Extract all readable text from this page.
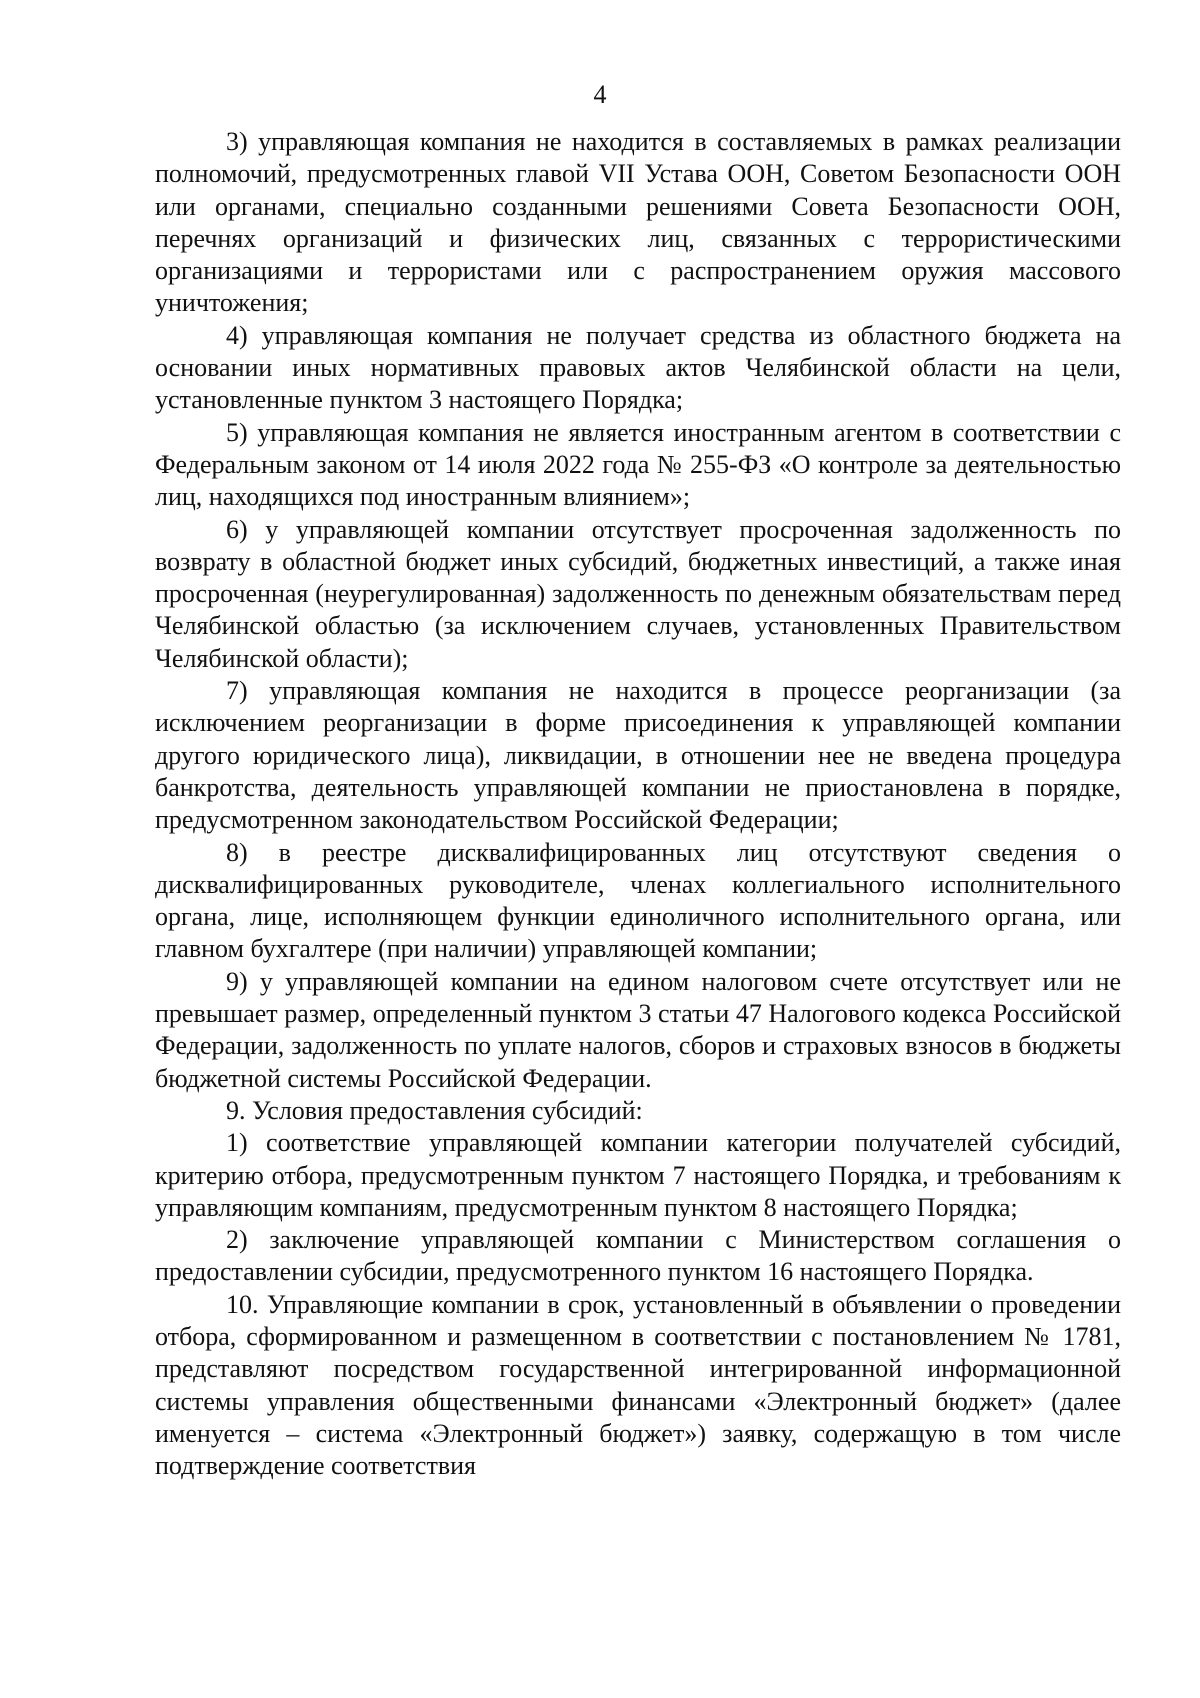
4

3) управляющая компания не находится в составляемых в рамках реализации полномочий, предусмотренных главой VII Устава ООН, Советом Безопасности ООН или органами, специально созданными решениями Совета Безопасности ООН, перечнях организаций и физических лиц, связанных с террористическими организациями и террористами или с распространением оружия массового уничтожения;

4) управляющая компания не получает средства из областного бюджета на основании иных нормативных правовых актов Челябинской области на цели, установленные пунктом 3 настоящего Порядка;

5) управляющая компания не является иностранным агентом в соответствии с Федеральным законом от 14 июля 2022 года № 255-ФЗ «О контроле за деятельностью лиц, находящихся под иностранным влиянием»;

6) у управляющей компании отсутствует просроченная задолженность по возврату в областной бюджет иных субсидий, бюджетных инвестиций, а также иная просроченная (неурегулированная) задолженность по денежным обязательствам перед Челябинской областью (за исключением случаев, установленных Правительством Челябинской области);

7) управляющая компания не находится в процессе реорганизации (за исключением реорганизации в форме присоединения к управляющей компании другого юридического лица), ликвидации, в отношении нее не введена процедура банкротства, деятельность управляющей компании не приостановлена в порядке, предусмотренном законодательством Российской Федерации;

8) в реестре дисквалифицированных лиц отсутствуют сведения о дисквалифицированных руководителе, членах коллегиального исполнительного органа, лице, исполняющем функции единоличного исполнительного органа, или главном бухгалтере (при наличии) управляющей компании;

9) у управляющей компании на едином налоговом счете отсутствует или не превышает размер, определенный пунктом 3 статьи 47 Налогового кодекса Российской Федерации, задолженность по уплате налогов, сборов и страховых взносов в бюджеты бюджетной системы Российской Федерации.

9. Условия предоставления субсидий:

1) соответствие управляющей компании категории получателей субсидий, критерию отбора, предусмотренным пунктом 7 настоящего Порядка, и требованиям к управляющим компаниям, предусмотренным пунктом 8 настоящего Порядка;

2) заключение управляющей компании с Министерством соглашения о предоставлении субсидии, предусмотренного пунктом 16 настоящего Порядка.

10. Управляющие компании в срок, установленный в объявлении о проведении отбора, сформированном и размещенном в соответствии с постановлением № 1781, представляют посредством государственной интегрированной информационной системы управления общественными финансами «Электронный бюджет» (далее именуется – система «Электронный бюджет») заявку, содержащую в том числе подтверждение соответствия
